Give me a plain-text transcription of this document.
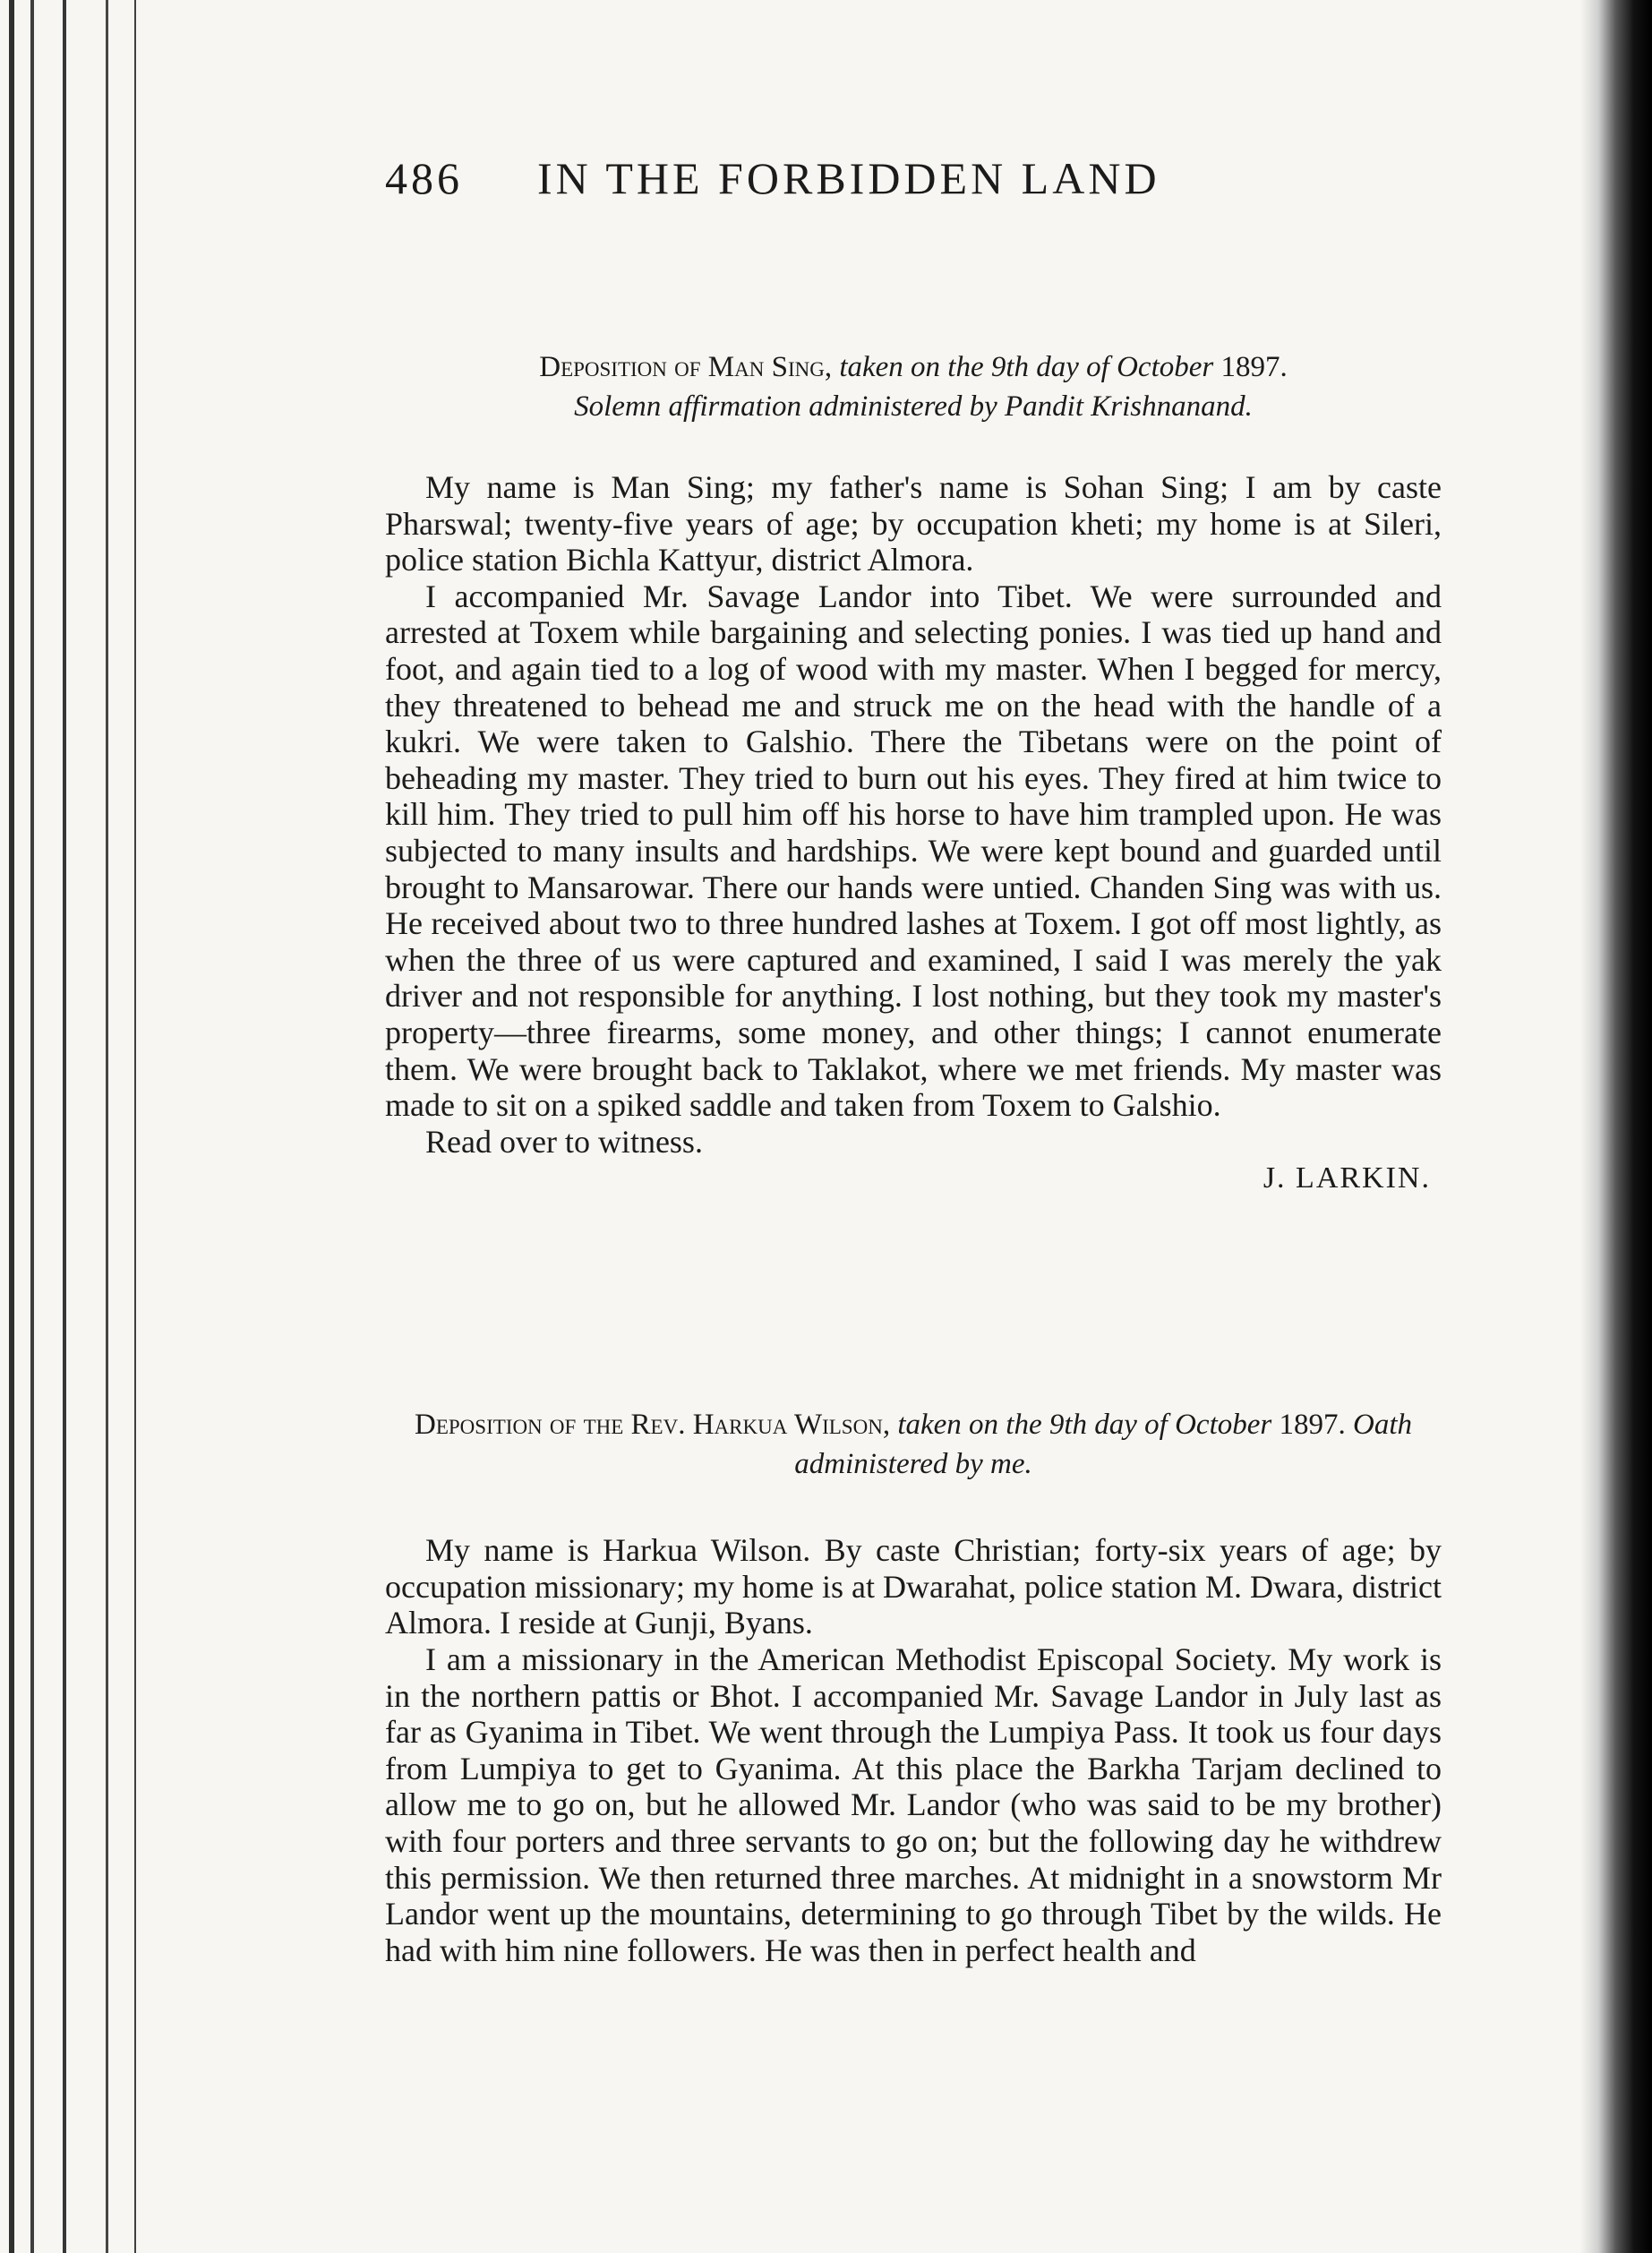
486	IN THE FORBIDDEN LAND

Deposition of Man Sing, taken on the 9th day of October 1897.

Solemn affirmation administered by Pandit Krishnanand.

My name is Man Sing; my father's name is Sohan Sing; I am by caste Pharswal; twenty-five years of age; by occupation kheti; my home is at Sileri, police station Bichla Kattyur, district Almora.

I accompanied Mr. Savage Landor into Tibet. We were surrounded and arrested at Toxem while bargaining and selecting ponies. I was tied up hand and foot, and again tied to a log of wood with my master. When I begged for mercy, they threatened to behead me and struck me on the head with the handle of a kukri. We were taken to Galshio. There the Tibetans were on the point of beheading my master. They tried to burn out his eyes. They fired at him twice to kill him. They tried to pull him off his horse to have him trampled upon. He was subjected to many insults and hardships. We were kept bound and guarded until brought to Mansarowar. There our hands were untied. Chanden Sing was with us. He received about two to three hundred lashes at Toxem. I got off most lightly, as when the three of us were captured and examined, I said I was merely the yak driver and not responsible for anything. I lost nothing, but they took my master's property—three firearms, some money, and other things; I cannot enumerate them. We were brought back to Taklakot, where we met friends. My master was made to sit on a spiked saddle and taken from Toxem to Galshio.

Read over to witness.

J. LARKIN.

Deposition of the Rev. Harkua Wilson, taken on the 9th day of October 1897. Oath administered by me.

My name is Harkua Wilson. By caste Christian; forty-six years of age; by occupation missionary; my home is at Dwarahat, police station M. Dwara, district Almora. I reside at Gunji, Byans.

I am a missionary in the American Methodist Episcopal Society. My work is in the northern pattis or Bhot. I accompanied Mr. Savage Landor in July last as far as Gyanima in Tibet. We went through the Lumpiya Pass. It took us four days from Lumpiya to get to Gyanima. At this place the Barkha Tarjam declined to allow me to go on, but he allowed Mr. Landor (who was said to be my brother) with four porters and three servants to go on; but the following day he withdrew this permission. We then returned three marches. At midnight in a snowstorm Mr Landor went up the mountains, determining to go through Tibet by the wilds. He had with him nine followers. He was then in perfect health and
